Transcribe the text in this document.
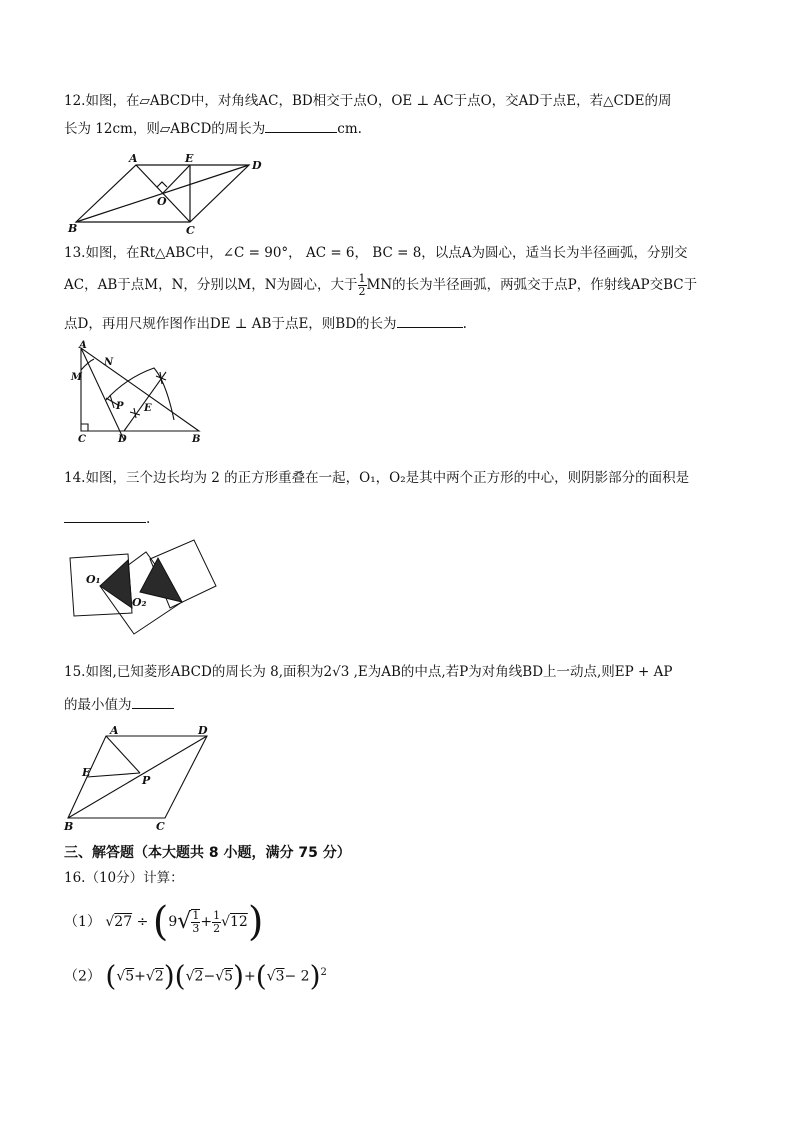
12.如图，在▱ABCD中，对角线AC，BD相交于点O，OE ⊥ AC于点O，交AD于点E，若△CDE的周
长为 12cm，则▱ABCD的周长为	cm.
A	E
D
O
B	C
13.如图，在Rt△ABC中，∠C = 90°， AC = 6， BC = 8，以点A为圆心，适当长为半径画弧，分别交
AC，AB于点M，N，分别以M，N为圆心，大于 $\frac{1}{2}$ MN的长为半径画弧，两弧交于点P，作射线AP交BC于
点D，再用尺规作图作出DE ⊥ AB于点E，则BD的长为	.
A
N
M
P E
C	D	B
14.如图，三个边长均为 2 的正方形重叠在一起，O₁，O₂是其中两个正方形的中心，则阴影部分的面积是
.
O₁
O₂
15.如图,已知菱形ABCD的周长为 8,面积为2√3 ,E为AB的中点,若P为对角线BD上一动点,则EP + AP
的最小值为
A	D
E
P
B	C
三、解答题（本大题共 8 小题，满分 75 分）
16.（10分）计算：
（1） $√27 \div (9√ \frac{1}{3} + \frac{1}{2} √12)$
（2） $(√5+√2)(√2-√5)+(√3- 2)^2$
